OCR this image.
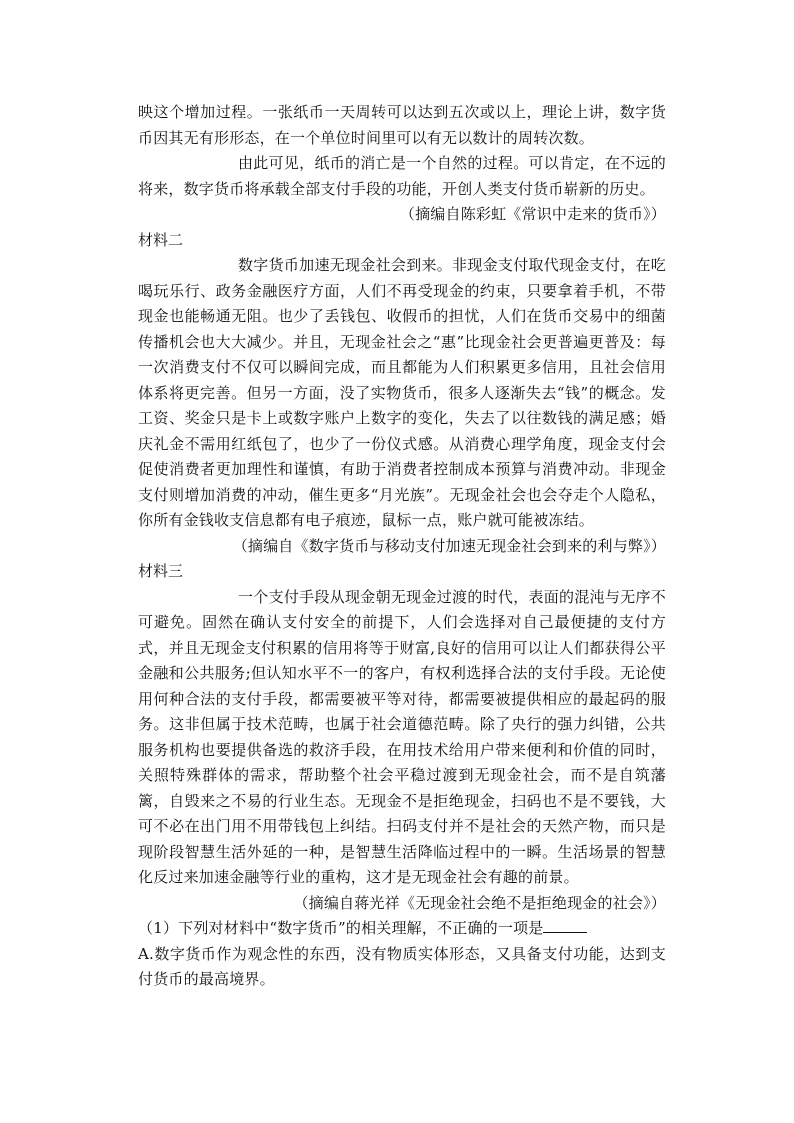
映这个增加过程。一张纸币一天周转可以达到五次或以上，理论上讲，数字货币因其无有形形态，在一个单位时间里可以有无以数计的周转次数。

由此可见，纸币的消亡是一个自然的过程。可以肯定，在不远的将来，数字货币将承载全部支付手段的功能，开创人类支付货币崭新的历史。

（摘编自陈彩虹《常识中走来的货币》）

材料二

数字货币加速无现金社会到来。非现金支付取代现金支付，在吃喝玩乐行、政务金融医疗方面，人们不再受现金的约束，只要拿着手机，不带现金也能畅通无阻。也少了丢钱包、收假币的担忧，人们在货币交易中的细菌传播机会也大大减少。并且，无现金社会之“惠”比现金社会更普遍更普及：每一次消费支付不仅可以瞬间完成，而且都能为人们积累更多信用，且社会信用体系将更完善。但另一方面，没了实物货币，很多人逐渐失去“钱”的概念。发工资、奖金只是卡上或数字账户上数字的变化，失去了以往数钱的满足感；婚庆礼金不需用红纸包了，也少了一份仪式感。从消费心理学角度，现金支付会促使消费者更加理性和谨慎，有助于消费者控制成本预算与消费冲动。非现金支付则增加消费的冲动，催生更多“月光族”。无现金社会也会夺走个人隐私，你所有金钱收支信息都有电子痕迹，鼠标一点，账户就可能被冻结。

（摘编自《数字货币与移动支付加速无现金社会到来的利与弊》）

材料三

一个支付手段从现金朝无现金过渡的时代，表面的混沌与无序不可避免。固然在确认支付安全的前提下，人们会选择对自己最便捷的支付方式，并且无现金支付积累的信用将等于财富,良好的信用可以让人们都获得公平金融和公共服务;但认知水平不一的客户，有权利选择合法的支付手段。无论使用何种合法的支付手段，都需要被平等对待，都需要被提供相应的最起码的服务。这非但属于技术范畴，也属于社会道德范畴。除了央行的强力纠错，公共服务机构也要提供备选的救济手段，在用技术给用户带来便利和价值的同时，关照特殊群体的需求，帮助整个社会平稳过渡到无现金社会，而不是自筑藩篱，自毁来之不易的行业生态。无现金不是拒绝现金，扫码也不是不要钱，大可不必在出门用不用带钱包上纠结。扫码支付并不是社会的天然产物，而只是现阶段智慧生活外延的一种，是智慧生活降临过程中的一瞬。生活场景的智慧化反过来加速金融等行业的重构，这才是无现金社会有趣的前景。

（摘编自蒋光祥《无现金社会绝不是拒绝现金的社会》）

（1）下列对材料中“数字货币”的相关理解，不正确的一项是

A.数字货币作为观念性的东西，没有物质实体形态，又具备支付功能，达到支付货币的最高境界。
